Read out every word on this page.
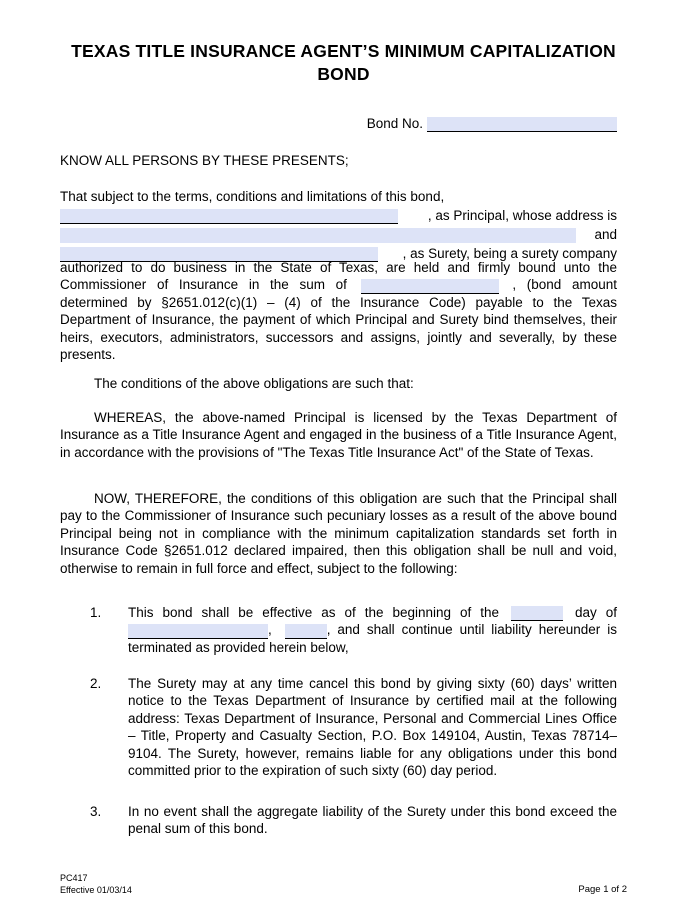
TEXAS TITLE INSURANCE AGENT’S MINIMUM CAPITALIZATION BOND
Bond No.
KNOW ALL PERSONS BY THESE PRESENTS;
That subject to the terms, conditions and limitations of this bond,
, as Principal, whose address is
and
, as Surety, being a surety company
authorized to do business in the State of Texas, are held and firmly bound unto the Commissioner of Insurance in the sum of	, (bond amount determined by §2651.012(c)(1) – (4) of the Insurance Code) payable to the Texas Department of Insurance, the payment of which Principal and Surety bind themselves, their heirs, executors, administrators, successors and assigns, jointly and severally, by these presents.
The conditions of the above obligations are such that:
WHEREAS, the above-named Principal is licensed by the Texas Department of Insurance as a Title Insurance Agent and engaged in the business of a Title Insurance Agent, in accordance with the provisions of "The Texas Title Insurance Act" of the State of Texas.
NOW, THEREFORE, the conditions of this obligation are such that the Principal shall pay to the Commissioner of Insurance such pecuniary losses as a result of the above bound Principal being not in compliance with the minimum capitalization standards set forth in Insurance Code §2651.012 declared impaired, then this obligation shall be null and void, otherwise to remain in full force and effect, subject to the following:
1.	This bond shall be effective as of the beginning of the	day of ,	, and shall continue until liability hereunder is terminated as provided herein below,
2.	The Surety may at any time cancel this bond by giving sixty (60) days’ written notice to the Texas Department of Insurance by certified mail at the following address: Texas Department of Insurance, Personal and Commercial Lines Office – Title, Property and Casualty Section, P.O. Box 149104, Austin, Texas 78714–9104. The Surety, however, remains liable for any obligations under this bond committed prior to the expiration of such sixty (60) day period.
3.	In no event shall the aggregate liability of the Surety under this bond exceed the penal sum of this bond.
PC417
Effective 01/03/14	Page 1 of 2
